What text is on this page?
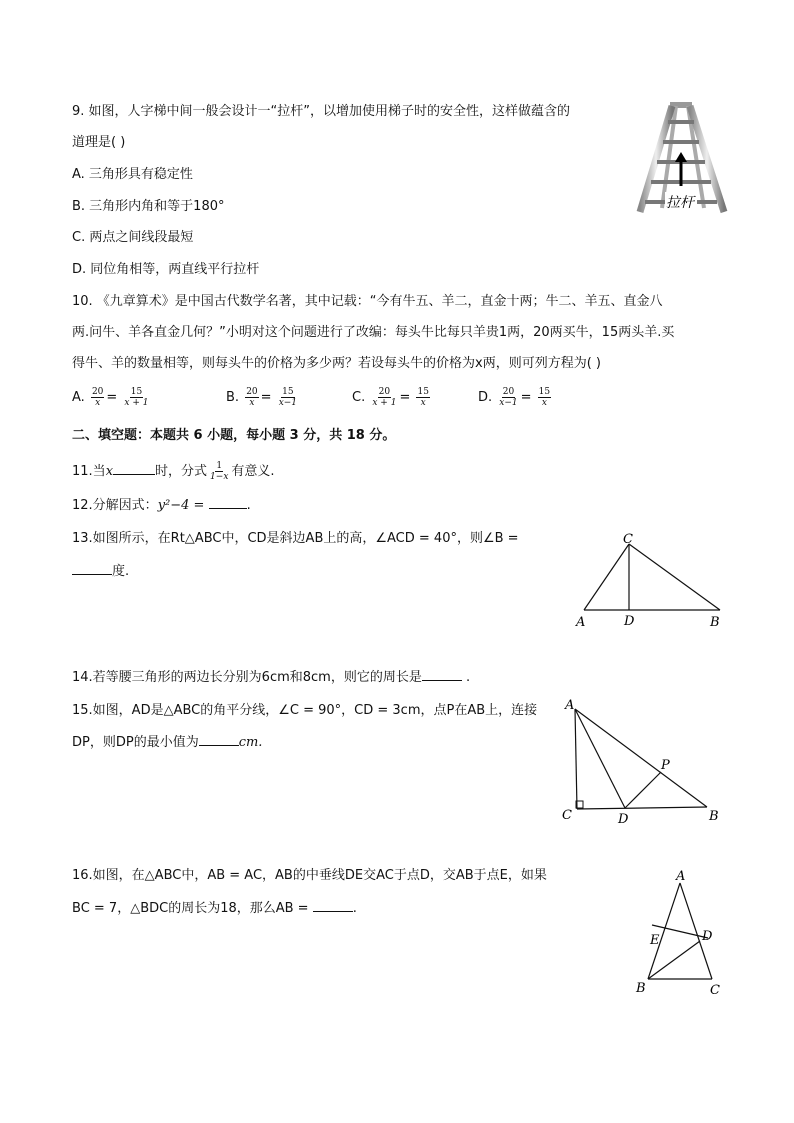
9. 如图，人字梯中间一般会设计一“拉杆”，以增加使用梯子时的安全性，这样做蕴含的
道理是( )
A. 三角形具有稳定性
B. 三角形内角和等于180°
C. 两点之间线段最短
D. 同位角相等，两直线平行拉杆
拉杆
10. 《九章算术》是中国古代数学名著，其中记载：“今有牛五、羊二，直金十两；牛二、羊五、直金八
两.问牛、羊各直金几何？”小明对这个问题进行了改编：每头牛比每只羊贵1两，20两买牛，15两头羊.买
得牛、羊的数量相等，则每头牛的价格为多少两？若设每头牛的价格为x两，则可列方程为( )
A. $\frac{20}{x} = \frac{15}{x + 1}$	B. $\frac{20}{x} = \frac{15}{x-1}$	C. $\frac{20}{x + 1} = \frac{15}{x}$	D. $\frac{20}{x-1} = \frac{15}{x}$
二、填空题：本题共 6 小题，每小题 3 分，共 18 分。
11.当x	时，分式 $\frac{1}{1-x}$ 有意义.
12.分解因式：y²−4 =	.
13.如图所示，在Rt△ABC中，CD是斜边AB上的高，∠ACD = 40°，则∠B =
度.
C
A	D	B
14.若等腰三角形的两边长分别为6cm和8cm，则它的周长是	.
15.如图，AD是△ABC的角平分线，∠C = 90°，CD = 3cm，点P在AB上，连接
DP，则DP的最小值为	cm.
A
C	D	B
P
16.如图，在△ABC中，AB = AC，AB的中垂线DE交AC于点D，交AB于点E，如果
BC = 7，△BDC的周长为18，那么AB =	.
A
E	D
B	C
